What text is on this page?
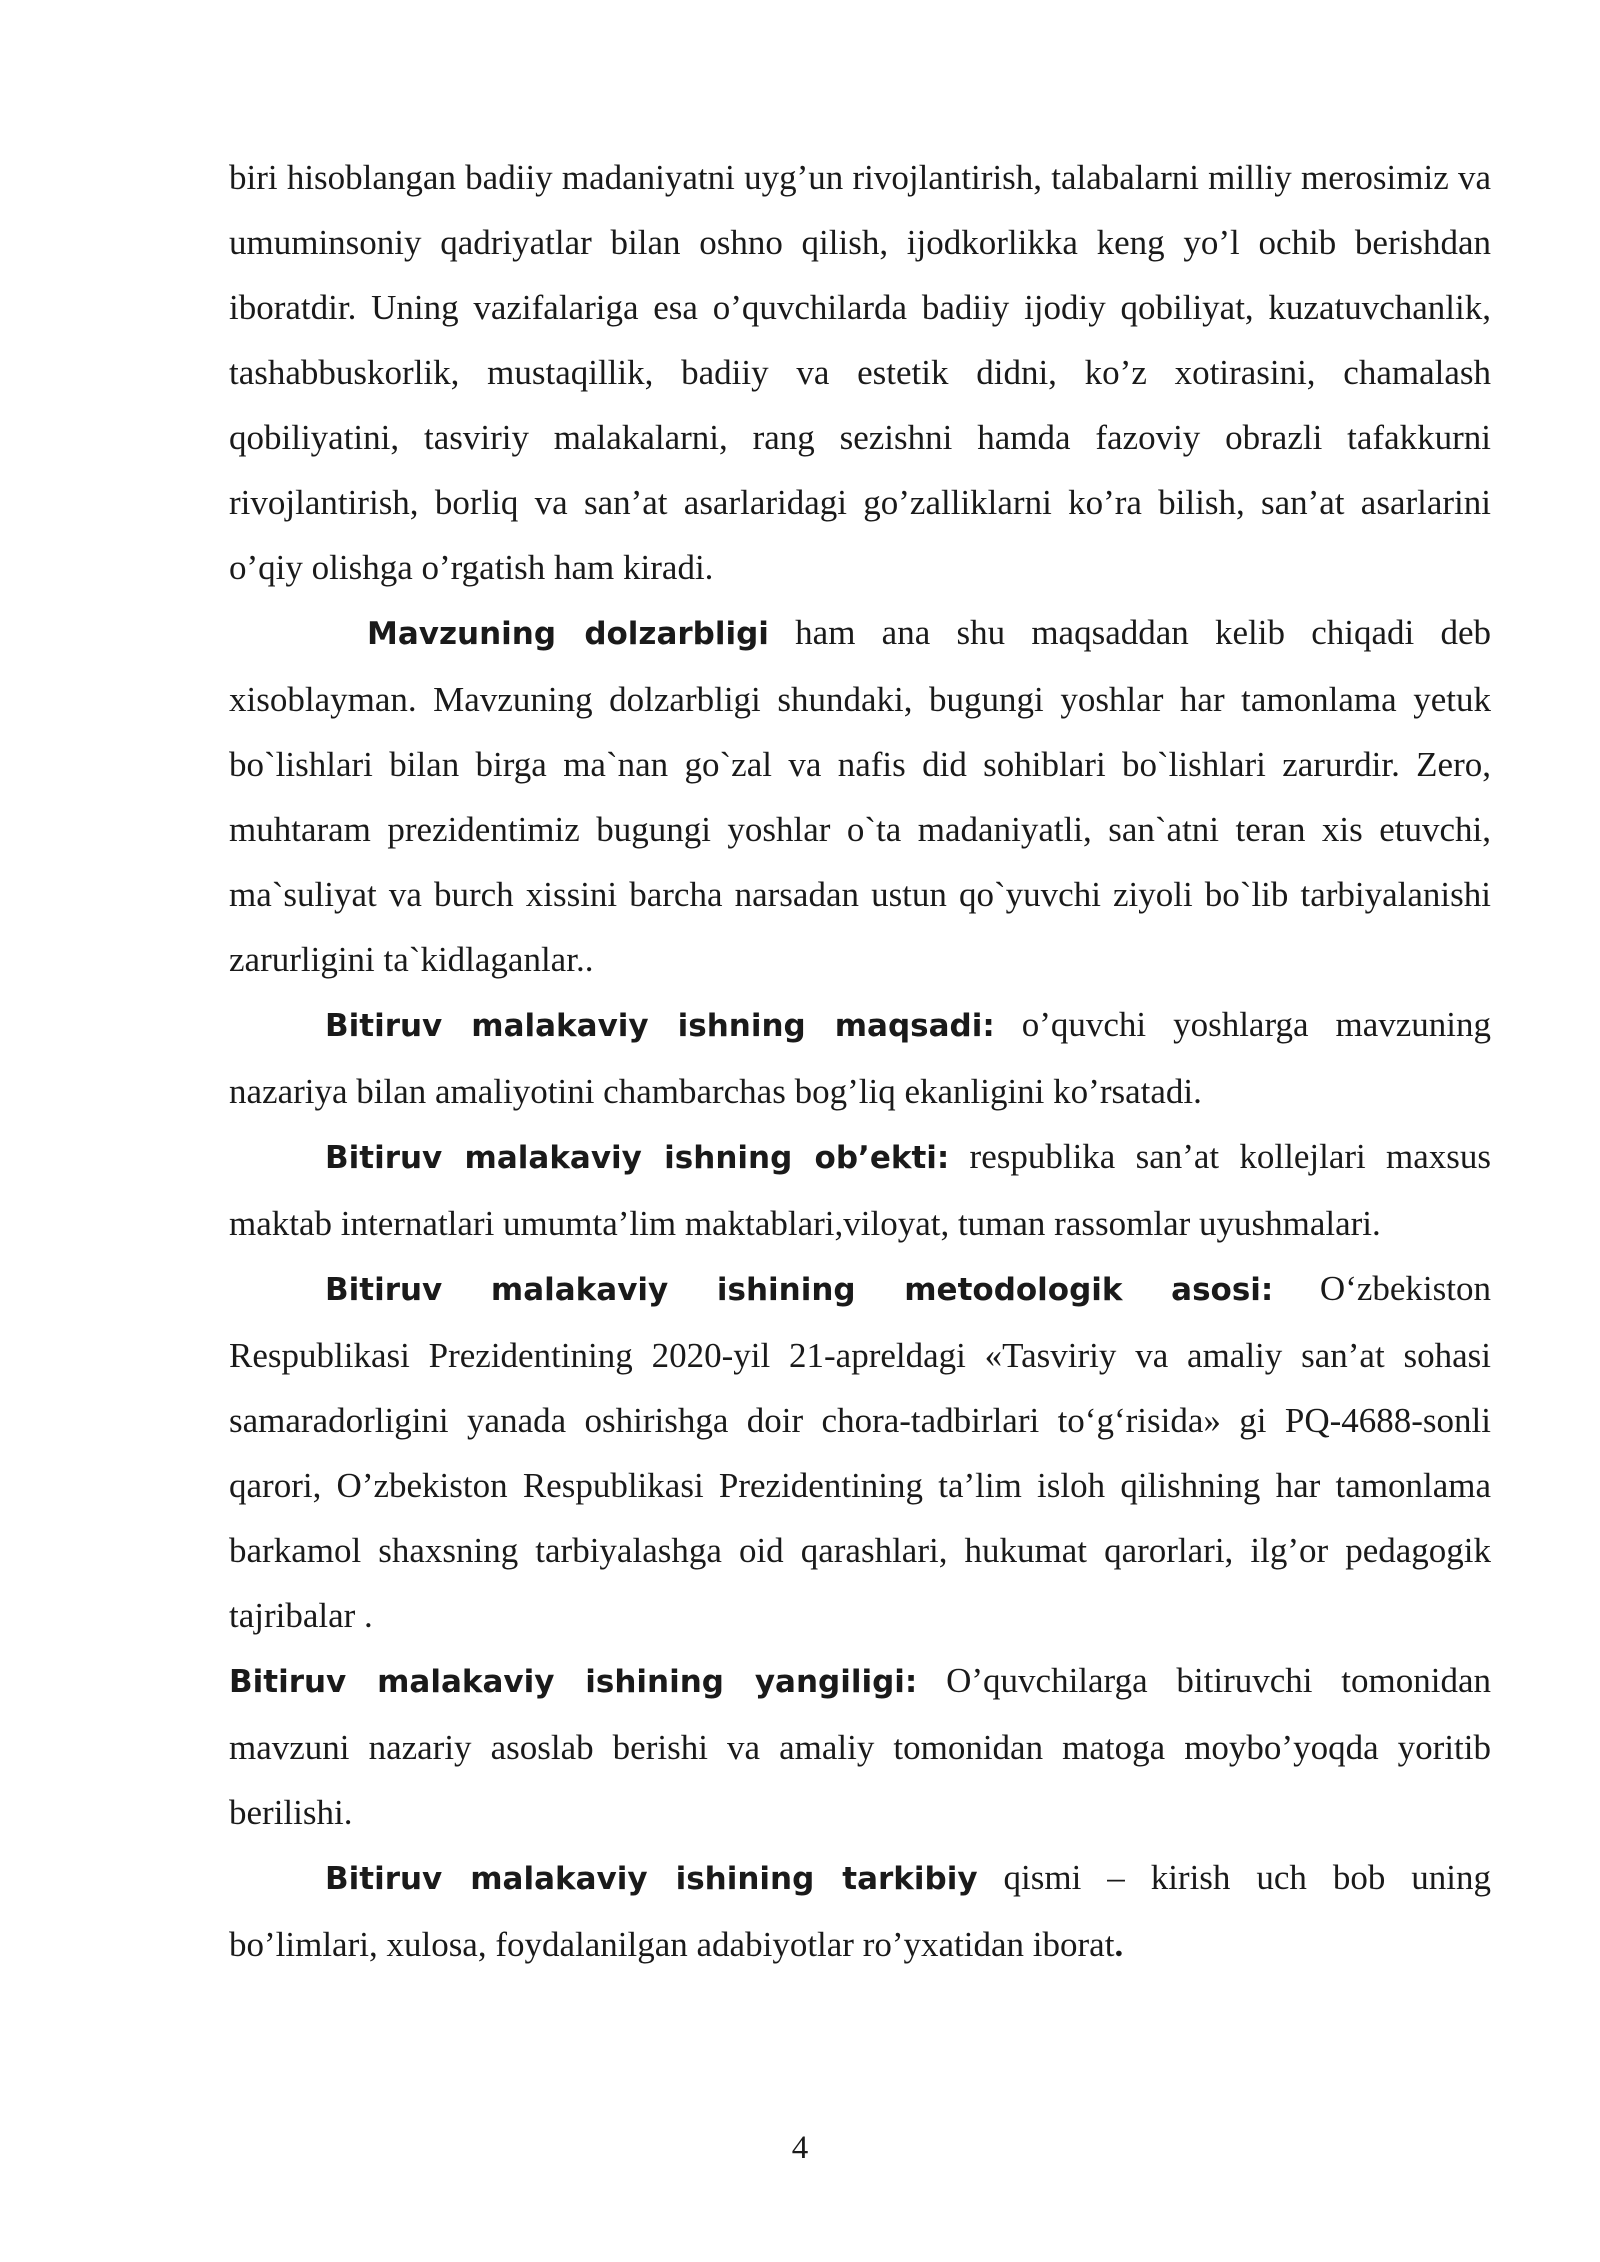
biri hisoblangan badiiy madaniyatni uyg’un rivojlantirish, talabalarni milliy merosimiz va umuminsoniy qadriyatlar bilan oshno qilish, ijodkorlikka keng yo’l ochib berishdan iboratdir. Uning vazifalariga esa o’quvchilarda badiiy ijodiy qobiliyat, kuzatuvchanlik, tashabbuskorlik, mustaqillik, badiiy va estetik didni, ko’z xotirasini, chamalash qobiliyatini, tasviriy malakalarni, rang sezishni hamda fazoviy obrazli tafakkurni rivojlantirish, borliq va san’at asarlaridagi go’zalliklarni ko’ra bilish, san’at asarlarini o’qiy olishga o’rgatish ham kiradi.

Mavzuning dolzarbligi ham ana shu maqsaddan kelib chiqadi deb xisoblayman. Mavzuning dolzarbligi shundaki, bugungi yoshlar har tamonlama yetuk bo`lishlari bilan birga ma`nan go`zal va nafis did sohiblari bo`lishlari zarurdir. Zero, muhtaram prezidentimiz bugungi yoshlar o`ta madaniyatli, san`atni teran xis etuvchi, ma`suliyat va burch xissini barcha narsadan ustun qo`yuvchi ziyoli bo`lib tarbiyalanishi zarurligini ta`kidlaganlar..

Bitiruv malakaviy ishning maqsadi: o’quvchi yoshlarga mavzuning nazariya bilan amaliyotini chambarchas bog’liq ekanligini ko’rsatadi.

Bitiruv malakaviy ishning ob’ekti: respublika san’at kollejlari maxsus maktab internatlari umumta’lim maktablari,viloyat, tuman rassomlar uyushmalari.

Bitiruv malakaviy ishining metodologik asosi: O‘zbekiston Respublikasi Prezidentining 2020-yil 21-apreldagi «Tasviriy va amaliy san’at sohasi samaradorligini yanada oshirishga doir chora-tadbirlari to‘g‘risida» gi PQ-4688-sonli qarori, O’zbekiston Respublikasi Prezidentining ta’lim isloh qilishning har tamonlama barkamol shaxsning tarbiyalashga oid qarashlari, hukumat qarorlari, ilg’or pedagogik tajribalar .

Bitiruv malakaviy ishining yangiligi: O’quvchilarga bitiruvchi tomonidan mavzuni nazariy asoslab berishi va amaliy tomonidan matoga moybo’yoqda yoritib berilishi.

Bitiruv malakaviy ishining tarkibiy qismi – kirish uch bob uning bo’limlari, xulosa, foydalanilgan adabiyotlar ro’yxatidan iborat.

4
